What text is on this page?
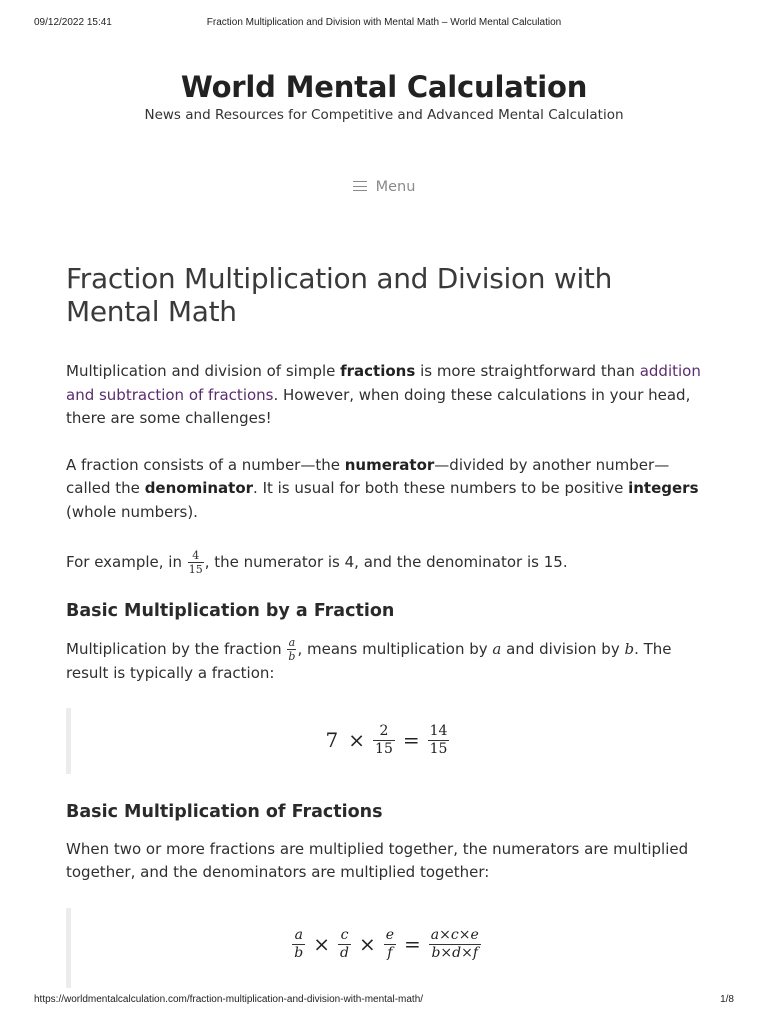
09/12/2022 15:41	Fraction Multiplication and Division with Mental Math – World Mental Calculation
World Mental Calculation
News and Resources for Competitive and Advanced Mental Calculation
Menu
Fraction Multiplication and Division with Mental Math

Multiplication and division of simple fractions is more straightforward than addition and subtraction of fractions. However, when doing these calculations in your head, there are some challenges!

A fraction consists of a number—the numerator—divided by another number—called the denominator. It is usual for both these numbers to be positive integers (whole numbers).

For example, in $\frac{4}{15}$ , the numerator is 4, and the denominator is 15.

Basic Multiplication by a Fraction

Multiplication by the fraction $\frac{a}{b}$ , means multiplication by a and division by b. The result is typically a fraction:

$7 \times \frac{2}{15} = \frac{14}{15}$
Basic Multiplication of Fractions

When two or more fractions are multiplied together, the numerators are multiplied together, and the denominators are multiplied together:

$\frac{a}{b} \times \frac{c}{d} \times \frac{e}{f} = \frac{a\times c\times e}{b\times d\times f}$
https://worldmentalcalculation.com/fraction-multiplication-and-division-with-mental-math/	1/8
